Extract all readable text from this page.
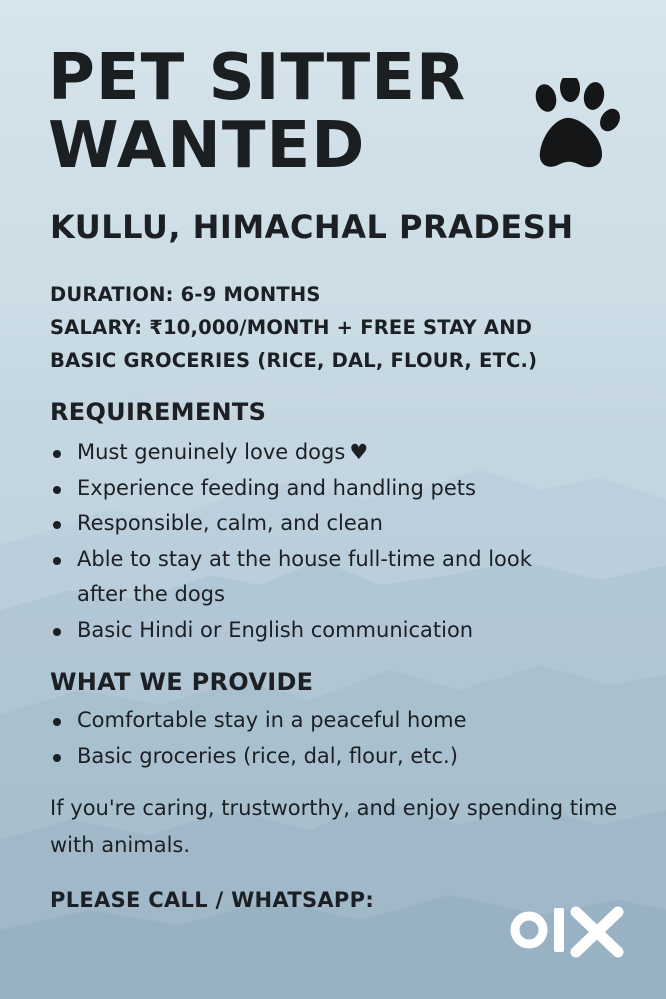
PET SITTER
WANTED
KULLU, HIMACHAL PRADESH
DURATION: 6-9 MONTHS
SALARY: ₹10,000/MONTH + FREE STAY AND
BASIC GROCERIES (RICE, DAL, FLOUR, ETC.)
REQUIREMENTS
Must genuinely love dogs ♥
Experience feeding and handling pets
Responsible, calm, and clean
Able to stay at the house full-time and look after the dogs
Basic Hindi or English communication
WHAT WE PROVIDE
Comfortable stay in a peaceful home
Basic groceries (rice, dal, flour, etc.)

If you're caring, trustworthy, and enjoy spending time with animals.

PLEASE CALL / WHATSAPP:
